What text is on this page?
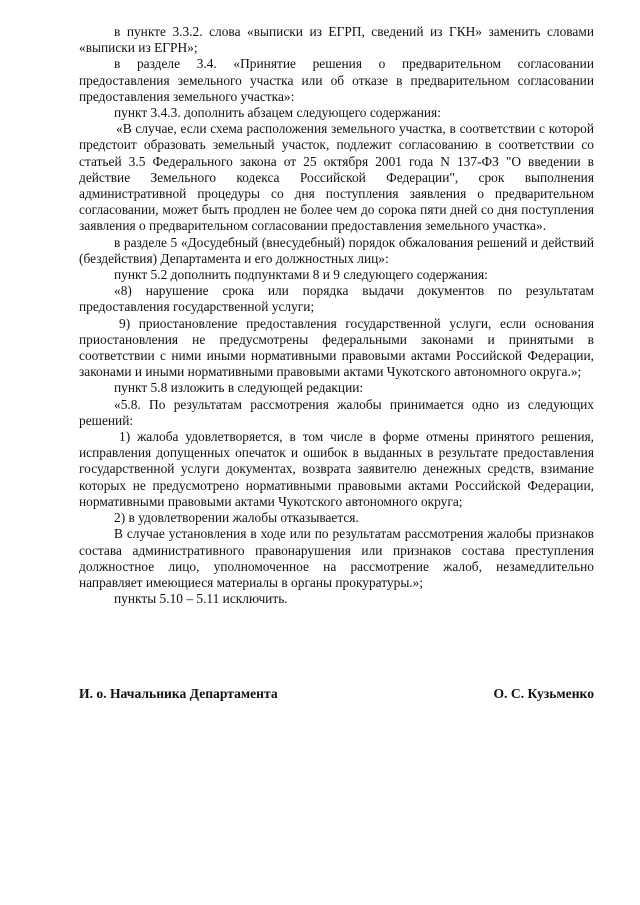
в пункте 3.3.2. слова «выписки из ЕГРП, сведений из ГКН» заменить словами «выписки из ЕГРН»;

в разделе 3.4. «Принятие решения о предварительном согласовании предоставления земельного участка или об отказе в предварительном согласовании предоставления земельного участка»:

пункт 3.4.3. дополнить абзацем следующего содержания:

«В случае, если схема расположения земельного участка, в соответствии с которой предстоит образовать земельный участок, подлежит согласованию в соответствии со статьей 3.5 Федерального закона от 25 октября 2001 года N 137-ФЗ "О введении в действие Земельного кодекса Российской Федерации", срок выполнения административной процедуры со дня поступления заявления о предварительном согласовании, может быть продлен не более чем до сорока пяти дней со дня поступления заявления о предварительном согласовании предоставления земельного участка».

в разделе 5 «Досудебный (внесудебный) порядок обжалования решений и действий (бездействия) Департамента и его должностных лиц»:

пункт 5.2 дополнить подпунктами 8 и 9 следующего содержания:

«8) нарушение срока или порядка выдачи документов по результатам предоставления государственной услуги;

9) приостановление предоставления государственной услуги, если основания приостановления не предусмотрены федеральными законами и принятыми в соответствии с ними иными нормативными правовыми актами Российской Федерации, законами и иными нормативными правовыми актами Чукотского автономного округа.»;

пункт 5.8 изложить в следующей редакции:

«5.8. По результатам рассмотрения жалобы принимается одно из следующих решений:

1) жалоба удовлетворяется, в том числе в форме отмены принятого решения, исправления допущенных опечаток и ошибок в выданных в результате предоставления государственной услуги документах, возврата заявителю денежных средств, взимание которых не предусмотрено нормативными правовыми актами Российской Федерации, нормативными правовыми актами Чукотского автономного округа;

2) в удовлетворении жалобы отказывается.

В случае установления в ходе или по результатам рассмотрения жалобы признаков состава административного правонарушения или признаков состава преступления должностное лицо, уполномоченное на рассмотрение жалоб, незамедлительно направляет имеющиеся материалы в органы прокуратуры.»;

пункты 5.10 – 5.11 исключить.

И. о. Начальника Департамента	О. С. Кузьменко
